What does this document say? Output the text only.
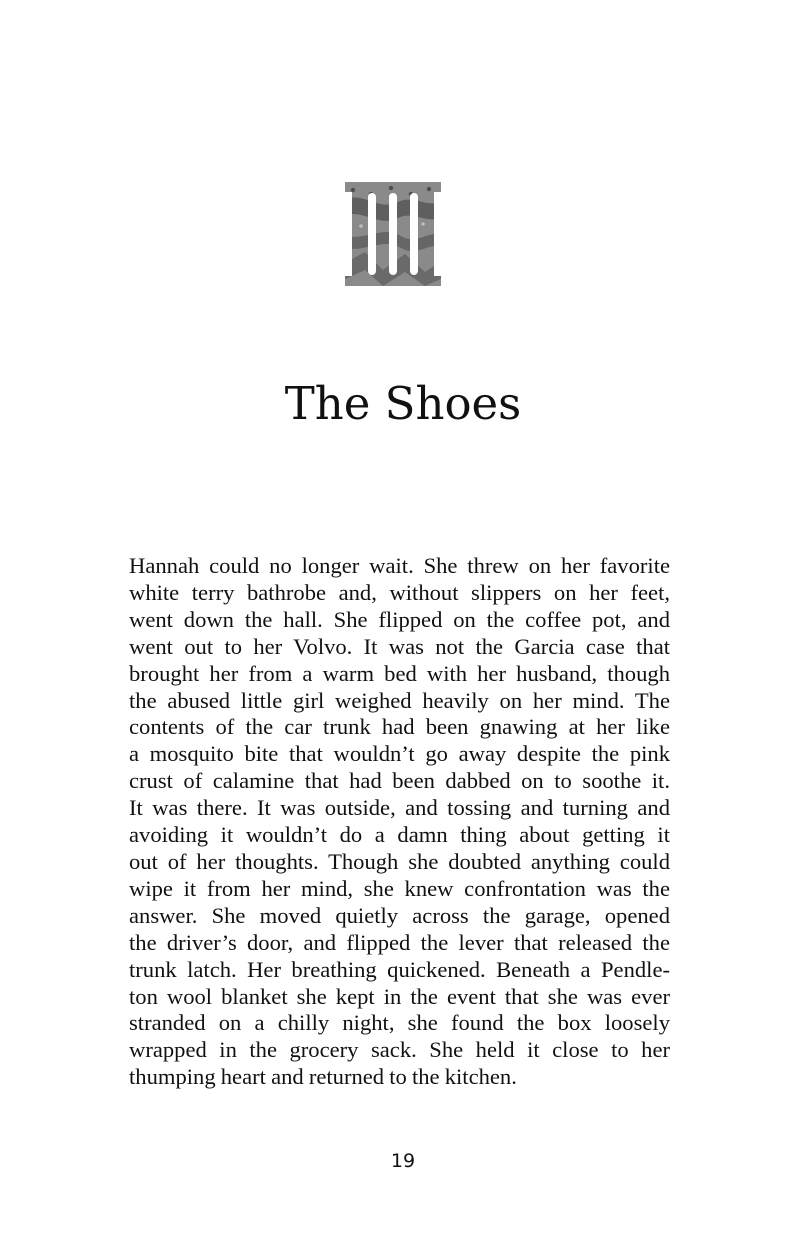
The Shoes

Hannah could no longer wait. She threw on her favorite
white terry bathrobe and, without slippers on her feet,
went down the hall. She flipped on the coffee pot, and
went out to her Volvo. It was not the Garcia case that
brought her from a warm bed with her husband, though
the abused little girl weighed heavily on her mind. The
contents of the car trunk had been gnawing at her like
a mosquito bite that wouldn’t go away despite the pink
crust of calamine that had been dabbed on to soothe it.
It was there. It was outside, and tossing and turning and
avoiding it wouldn’t do a damn thing about getting it
out of her thoughts. Though she doubted anything could
wipe it from her mind, she knew confrontation was the
answer. She moved quietly across the garage, opened
the driver’s door, and flipped the lever that released the
trunk latch. Her breathing quickened. Beneath a Pendle-
ton wool blanket she kept in the event that she was ever
stranded on a chilly night, she found the box loosely
wrapped in the grocery sack. She held it close to her
thumping heart and returned to the kitchen.

19
